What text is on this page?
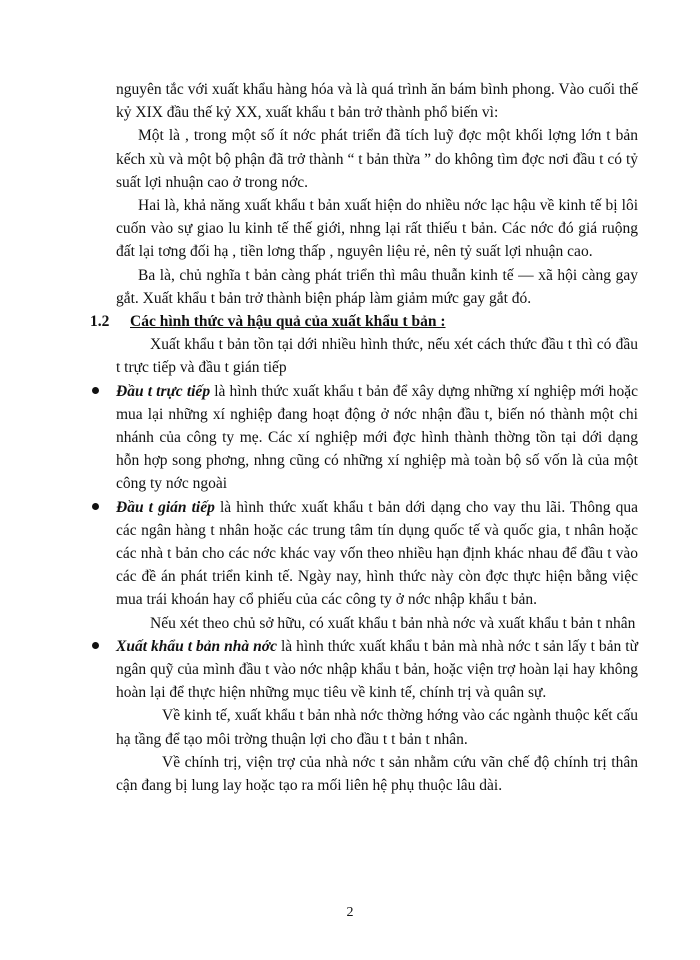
nguyên tắc với xuất khẩu hàng hóa và là quá trình ăn bám bình phong. Vào cuối thế kỷ XIX đầu thế kỷ XX, xuất khẩu t bản trở thành phổ biến vì:

Một là , trong một số ít nớc phát triển đã tích luỹ đợc một khối lợng lớn t bản kếch xù và một bộ phận đã trở thành “ t bản thừa ” do không tìm đợc nơi đầu t có tỷ suất lợi nhuận cao ở trong nớc.

Hai là, khả năng xuất khẩu t bản xuất hiện do nhiều nớc lạc hậu về kinh tế bị lôi cuốn vào sự giao lu kinh tế thế giới, nhng lại rất thiếu t bản. Các nớc đó giá ruộng đất lại tơng đối hạ , tiền lơng thấp , nguyên liệu rẻ, nên tỷ suất lợi nhuận cao.

Ba là, chủ nghĩa t bản càng phát triển thì mâu thuẫn kinh tế — xã hội càng gay gắt. Xuất khẩu t bản trở thành biện pháp làm giảm mức gay gắt đó.

1.2 Các hình thức và hậu quả của xuất khẩu t bản :

Xuất khẩu t bản tồn tại dới nhiều hình thức, nếu xét cách thức đầu t thì có đầu t trực tiếp và đầu t gián tiếp

Đầu t trực tiếp là hình thức xuất khẩu t bản để xây dựng những xí nghiệp mới hoặc mua lại những xí nghiệp đang hoạt động ở nớc nhận đầu t, biến nó thành một chi nhánh của công ty mẹ. Các xí nghiệp mới đợc hình thành thờng tồn tại dới dạng hỗn hợp song phơng, nhng cũng có những xí nghiệp mà toàn bộ số vốn là của một công ty nớc ngoài

Đầu t gián tiếp là hình thức xuất khẩu t bản dới dạng cho vay thu lãi. Thông qua các ngân hàng t nhân hoặc các trung tâm tín dụng quốc tế và quốc gia, t nhân hoặc các nhà t bản cho các nớc khác vay vốn theo nhiều hạn định khác nhau để đầu t vào các đề án phát triển kinh tế. Ngày nay, hình thức này còn đợc thực hiện bằng việc mua trái khoán hay cổ phiếu của các công ty ở nớc nhập khẩu t bản.

Nếu xét theo chủ sở hữu, có xuất khẩu t bản nhà nớc và xuất khẩu t bản t nhân

Xuất khẩu t bản nhà nớc là hình thức xuất khẩu t bản mà nhà nớc t sản lấy t bản từ ngân quỹ của mình đầu t vào nớc nhập khẩu t bản, hoặc viện trợ hoàn lại hay không hoàn lại để thực hiện những mục tiêu về kinh tế, chính trị và quân sự.

Về kinh tế, xuất khẩu t bản nhà nớc thờng hớng vào các ngành thuộc kết cấu hạ tầng để tạo môi trờng thuận lợi cho đầu t t bản t nhân.

Về chính trị, viện trợ của nhà nớc t sản nhằm cứu vãn chế độ chính trị thân cận đang bị lung lay hoặc tạo ra mối liên hệ phụ thuộc lâu dài.

2
